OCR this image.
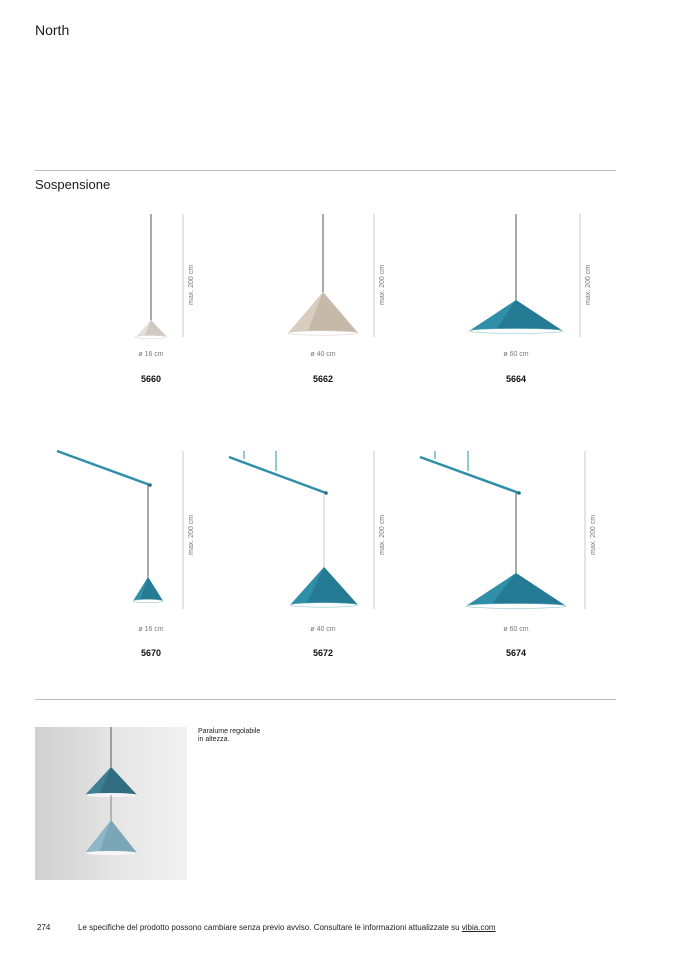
North
Sospensione
max. 200 cm
ø 16 cm
5660
max. 200 cm
ø 40 cm
5662
max. 200 cm
ø 60 cm
5664
max. 200 cm
ø 16 cm
5670
max. 200 cm
ø 40 cm
5672
max. 200 cm
ø 60 cm
5674
Paralume regolabile
in altezza.
274	Le specifiche del prodotto possono cambiare senza previo avviso. Consultare le informazioni attualizzate su vibia.com
